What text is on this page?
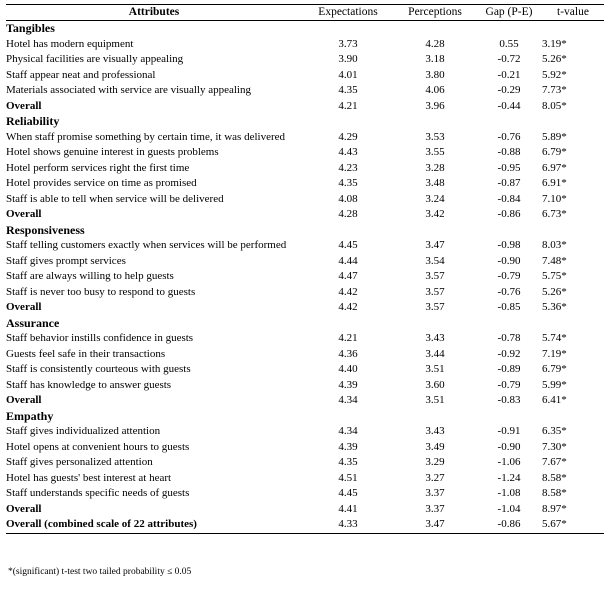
Attributes	Expectations	Perceptions	Gap (P-E)	t-value
Tangibles				
Hotel has modern equipment	3.73	4.28	0.55	3.19*
Physical facilities are visually appealing	3.90	3.18	-0.72	5.26*
Staff appear neat and professional	4.01	3.80	-0.21	5.92*
Materials associated with service are visually appealing	4.35	4.06	-0.29	7.73*
Overall	4.21	3.96	-0.44	8.05*
Reliability				
When staff promise something by certain time, it was delivered	4.29	3.53	-0.76	5.89*
Hotel shows genuine interest in guests problems	4.43	3.55	-0.88	6.79*
Hotel perform services right the first time	4.23	3.28	-0.95	6.97*
Hotel provides service on time as promised	4.35	3.48	-0.87	6.91*
Staff is able to tell when service will be delivered	4.08	3.24	-0.84	7.10*
Overall	4.28	3.42	-0.86	6.73*
Responsiveness				
Staff telling customers exactly when services will be performed	4.45	3.47	-0.98	8.03*
Staff gives prompt services	4.44	3.54	-0.90	7.48*
Staff are always willing to help guests	4.47	3.57	-0.79	5.75*
Staff is never too busy to respond to guests	4.42	3.57	-0.76	5.26*
Overall	4.42	3.57	-0.85	5.36*
Assurance				
Staff behavior instills confidence in guests	4.21	3.43	-0.78	5.74*
Guests feel safe in their transactions	4.36	3.44	-0.92	7.19*
Staff is consistently courteous with guests	4.40	3.51	-0.89	6.79*
Staff has knowledge to answer guests	4.39	3.60	-0.79	5.99*
Overall	4.34	3.51	-0.83	6.41*
Empathy				
Staff gives individualized attention	4.34	3.43	-0.91	6.35*
Hotel opens at convenient hours to guests	4.39	3.49	-0.90	7.30*
Staff gives personalized attention	4.35	3.29	-1.06	7.67*
Hotel has guests' best interest at heart	4.51	3.27	-1.24	8.58*
Staff understands specific needs of guests	4.45	3.37	-1.08	8.58*
Overall	4.41	3.37	-1.04	8.97*
Overall (combined scale of 22 attributes)	4.33	3.47	-0.86	5.67*
*(significant) t-test two tailed probability ≤ 0.05
